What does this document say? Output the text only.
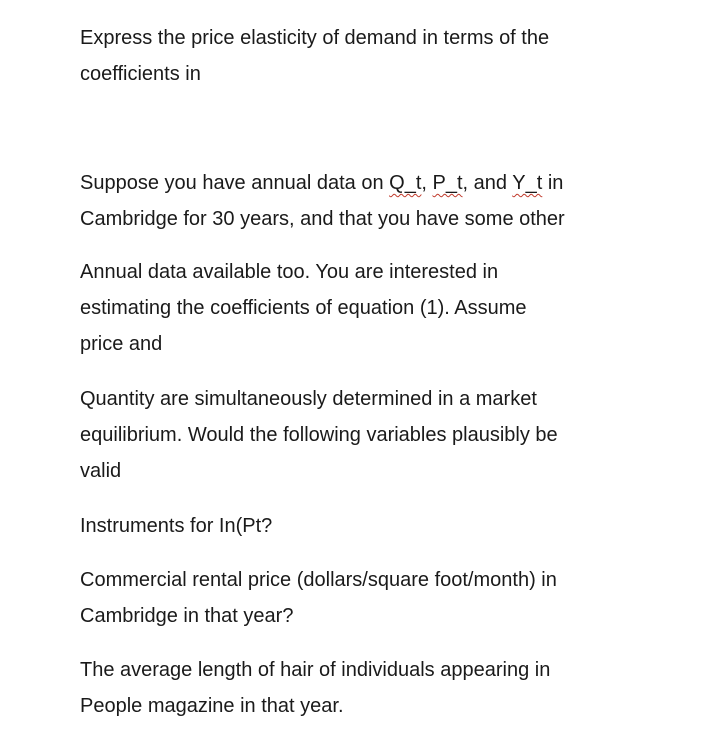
Express the price elasticity of demand in terms of the
coefficients in

Suppose you have annual data on Q_t, P_t, and Y_t in
Cambridge for 30 years, and that you have some other

Annual data available too. You are interested in
estimating the coefficients of equation (1). Assume
price and

Quantity are simultaneously determined in a market
equilibrium. Would the following variables plausibly be
valid

Instruments for In(Pt?

Commercial rental price (dollars/square foot/month) in
Cambridge in that year?

The average length of hair of individuals appearing in
People magazine in that year.
